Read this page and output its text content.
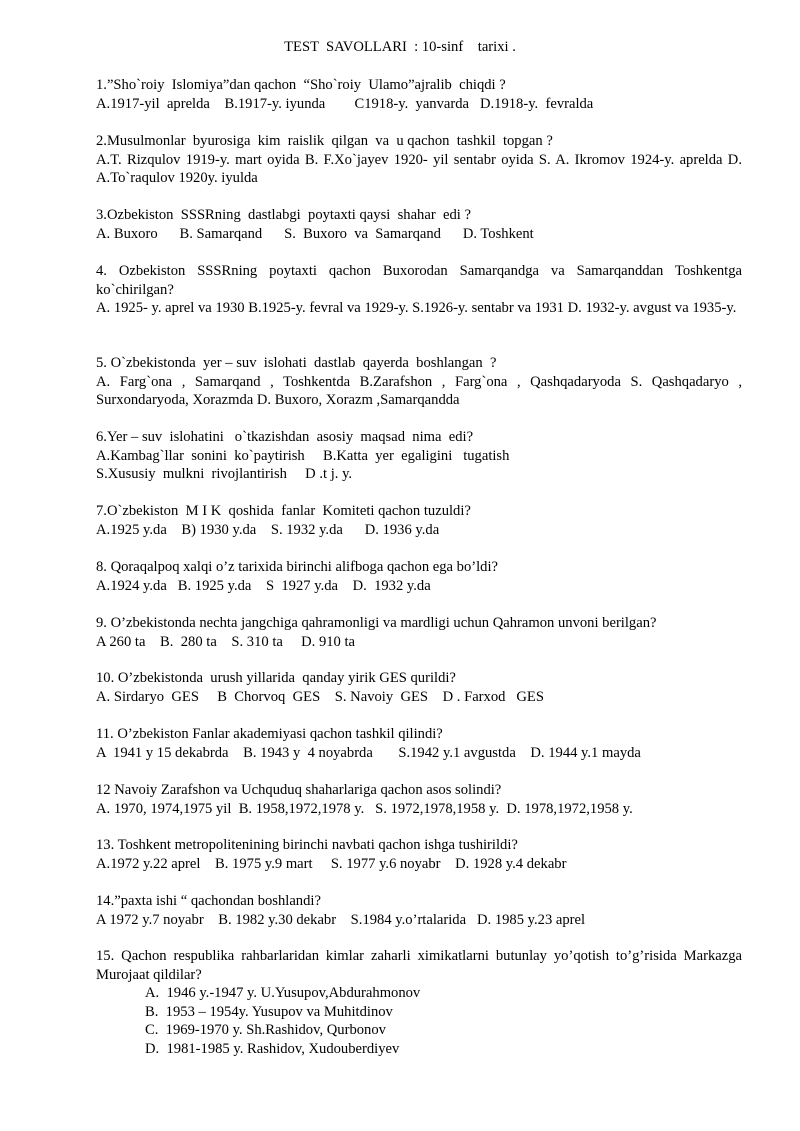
TEST  SAVOLLARI  : 10-sinf    tarixi .
1.”Sho`roiy  Islomiya”dan qachon  “Sho`roiy  Ulamo”ajralib  chiqdi ?
A.1917-yil  aprelda    B.1917-y. iyunda        C1918-y.  yanvarda   D.1918-y.  fevralda
2.Musulmonlar  byurosiga  kim  raislik  qilgan  va  u qachon  tashkil  topgan ?
A.T. Rizqulov 1919-y. mart oyida B. F.Xo`jayev 1920- yil sentabr oyida S. A. Ikromov 1924-y. aprelda D. A.To`raqulov 1920y. iyulda
3.Ozbekiston  SSSRning  dastlabgi  poytaxti qaysi  shahar  edi ?
A. Buxoro      B. Samarqand      S.  Buxoro  va  Samarqand      D. Toshkent
4. Ozbekiston SSSRning poytaxti qachon Buxorodan Samarqandga va Samarqanddan Toshkentga ko`chirilgan?
A. 1925- y. aprel va 1930 B.1925-y. fevral va 1929-y. S.1926-y. sentabr va 1931 D. 1932-y. avgust va 1935-y.
5. O`zbekistonda  yer – suv  islohati  dastlab  qayerda  boshlangan  ?
A. Farg`ona , Samarqand , Toshkentda B.Zarafshon , Farg`ona , Qashqadaryoda S. Qashqadaryo , Surxondaryoda, Xorazmda D. Buxoro, Xorazm ,Samarqandda
6.Yer – suv  islohatini   o`tkazishdan  asosiy  maqsad  nima  edi?
A.Kambag`llar  sonini  ko`paytirish     B.Katta  yer  egaligini   tugatish
S.Xususiy  mulkni  rivojlantirish     D .t j. y.
7.O`zbekiston  M I K  qoshida  fanlar  Komiteti qachon tuzuldi?
A.1925 y.da    B) 1930 y.da    S. 1932 y.da      D. 1936 y.da
8. Qoraqalpoq xalqi o’z tarixida birinchi alifboga qachon ega bo’ldi?
A.1924 y.da   B. 1925 y.da    S  1927 y.da    D.  1932 y.da
9. O’zbekistonda nechta jangchiga qahramonligi va mardligi uchun Qahramon unvoni berilgan?
A 260 ta    B.  280 ta    S. 310 ta     D. 910 ta
10. O’zbekistonda  urush yillarida  qanday yirik GES qurildi?
A. Sirdaryo  GES     B  Chorvoq  GES    S. Navoiy  GES    D . Farxod   GES
11. O’zbekiston Fanlar akademiyasi qachon tashkil qilindi?
A  1941 y 15 dekabrda    B. 1943 y  4 noyabrda       S.1942 y.1 avgustda    D. 1944 y.1 mayda
12 Navoiy Zarafshon va Uchquduq shaharlariga qachon asos solindi?
A. 1970, 1974,1975 yil  B. 1958,1972,1978 y.   S. 1972,1978,1958 y.  D. 1978,1972,1958 y.
13. Toshkent metropolitenining birinchi navbati qachon ishga tushirildi?
A.1972 y.22 aprel    B. 1975 y.9 mart     S. 1977 y.6 noyabr    D. 1928 y.4 dekabr
14.”paxta ishi “ qachondan boshlandi?
A 1972 y.7 noyabr    B. 1982 y.30 dekabr    S.1984 y.o’rtalarida   D. 1985 y.23 aprel
15. Qachon respublika rahbarlaridan kimlar zaharli ximikatlarni butunlay yo’qotish to’g’risida Markazga Murojaat qildilar?
A.  1946 y.-1947 y. U.Yusupov,Abdurahmonov
B.  1953 – 1954y. Yusupov va Muhitdinov
C.  1969-1970 y. Sh.Rashidov, Qurbonov
D.  1981-1985 y. Rashidov, Xudouberdiyev
